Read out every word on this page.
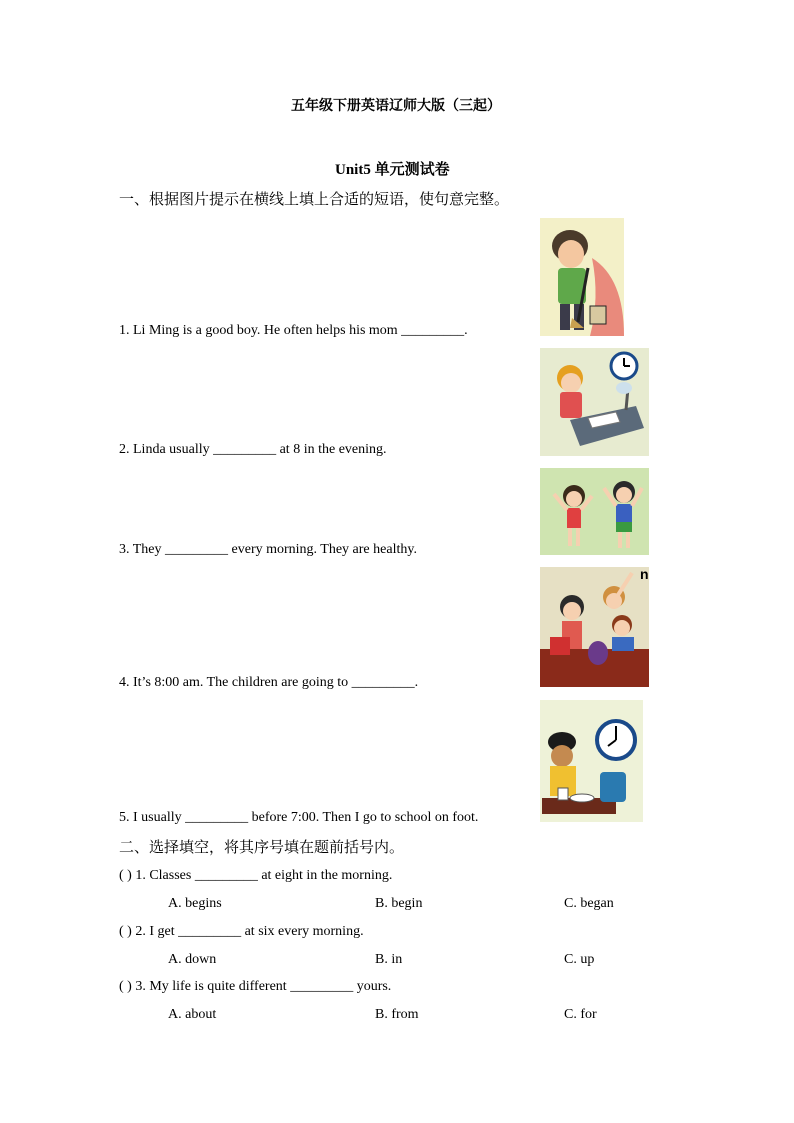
五年级下册英语辽师大版（三起）
Unit5 单元测试卷
一、根据图片提示在横线上填上合适的短语，使句意完整。
1. Li Ming is a good boy. He often helps his mom _________.
2. Linda usually _________ at 8 in the evening.
3. They _________ every morning. They are healthy.
4. It’s 8:00 am. The children are going to _________.
5. I usually _________ before 7:00. Then I go to school on foot.
n
二、选择填空，将其序号填在题前括号内。
( ) 1. Classes _________ at eight in the morning.
A. begins	B. begin	C. began
( ) 2. I get _________ at six every morning.
A. down	B. in	C. up
( ) 3. My life is quite different _________ yours.
A. about	B. from	C. for
